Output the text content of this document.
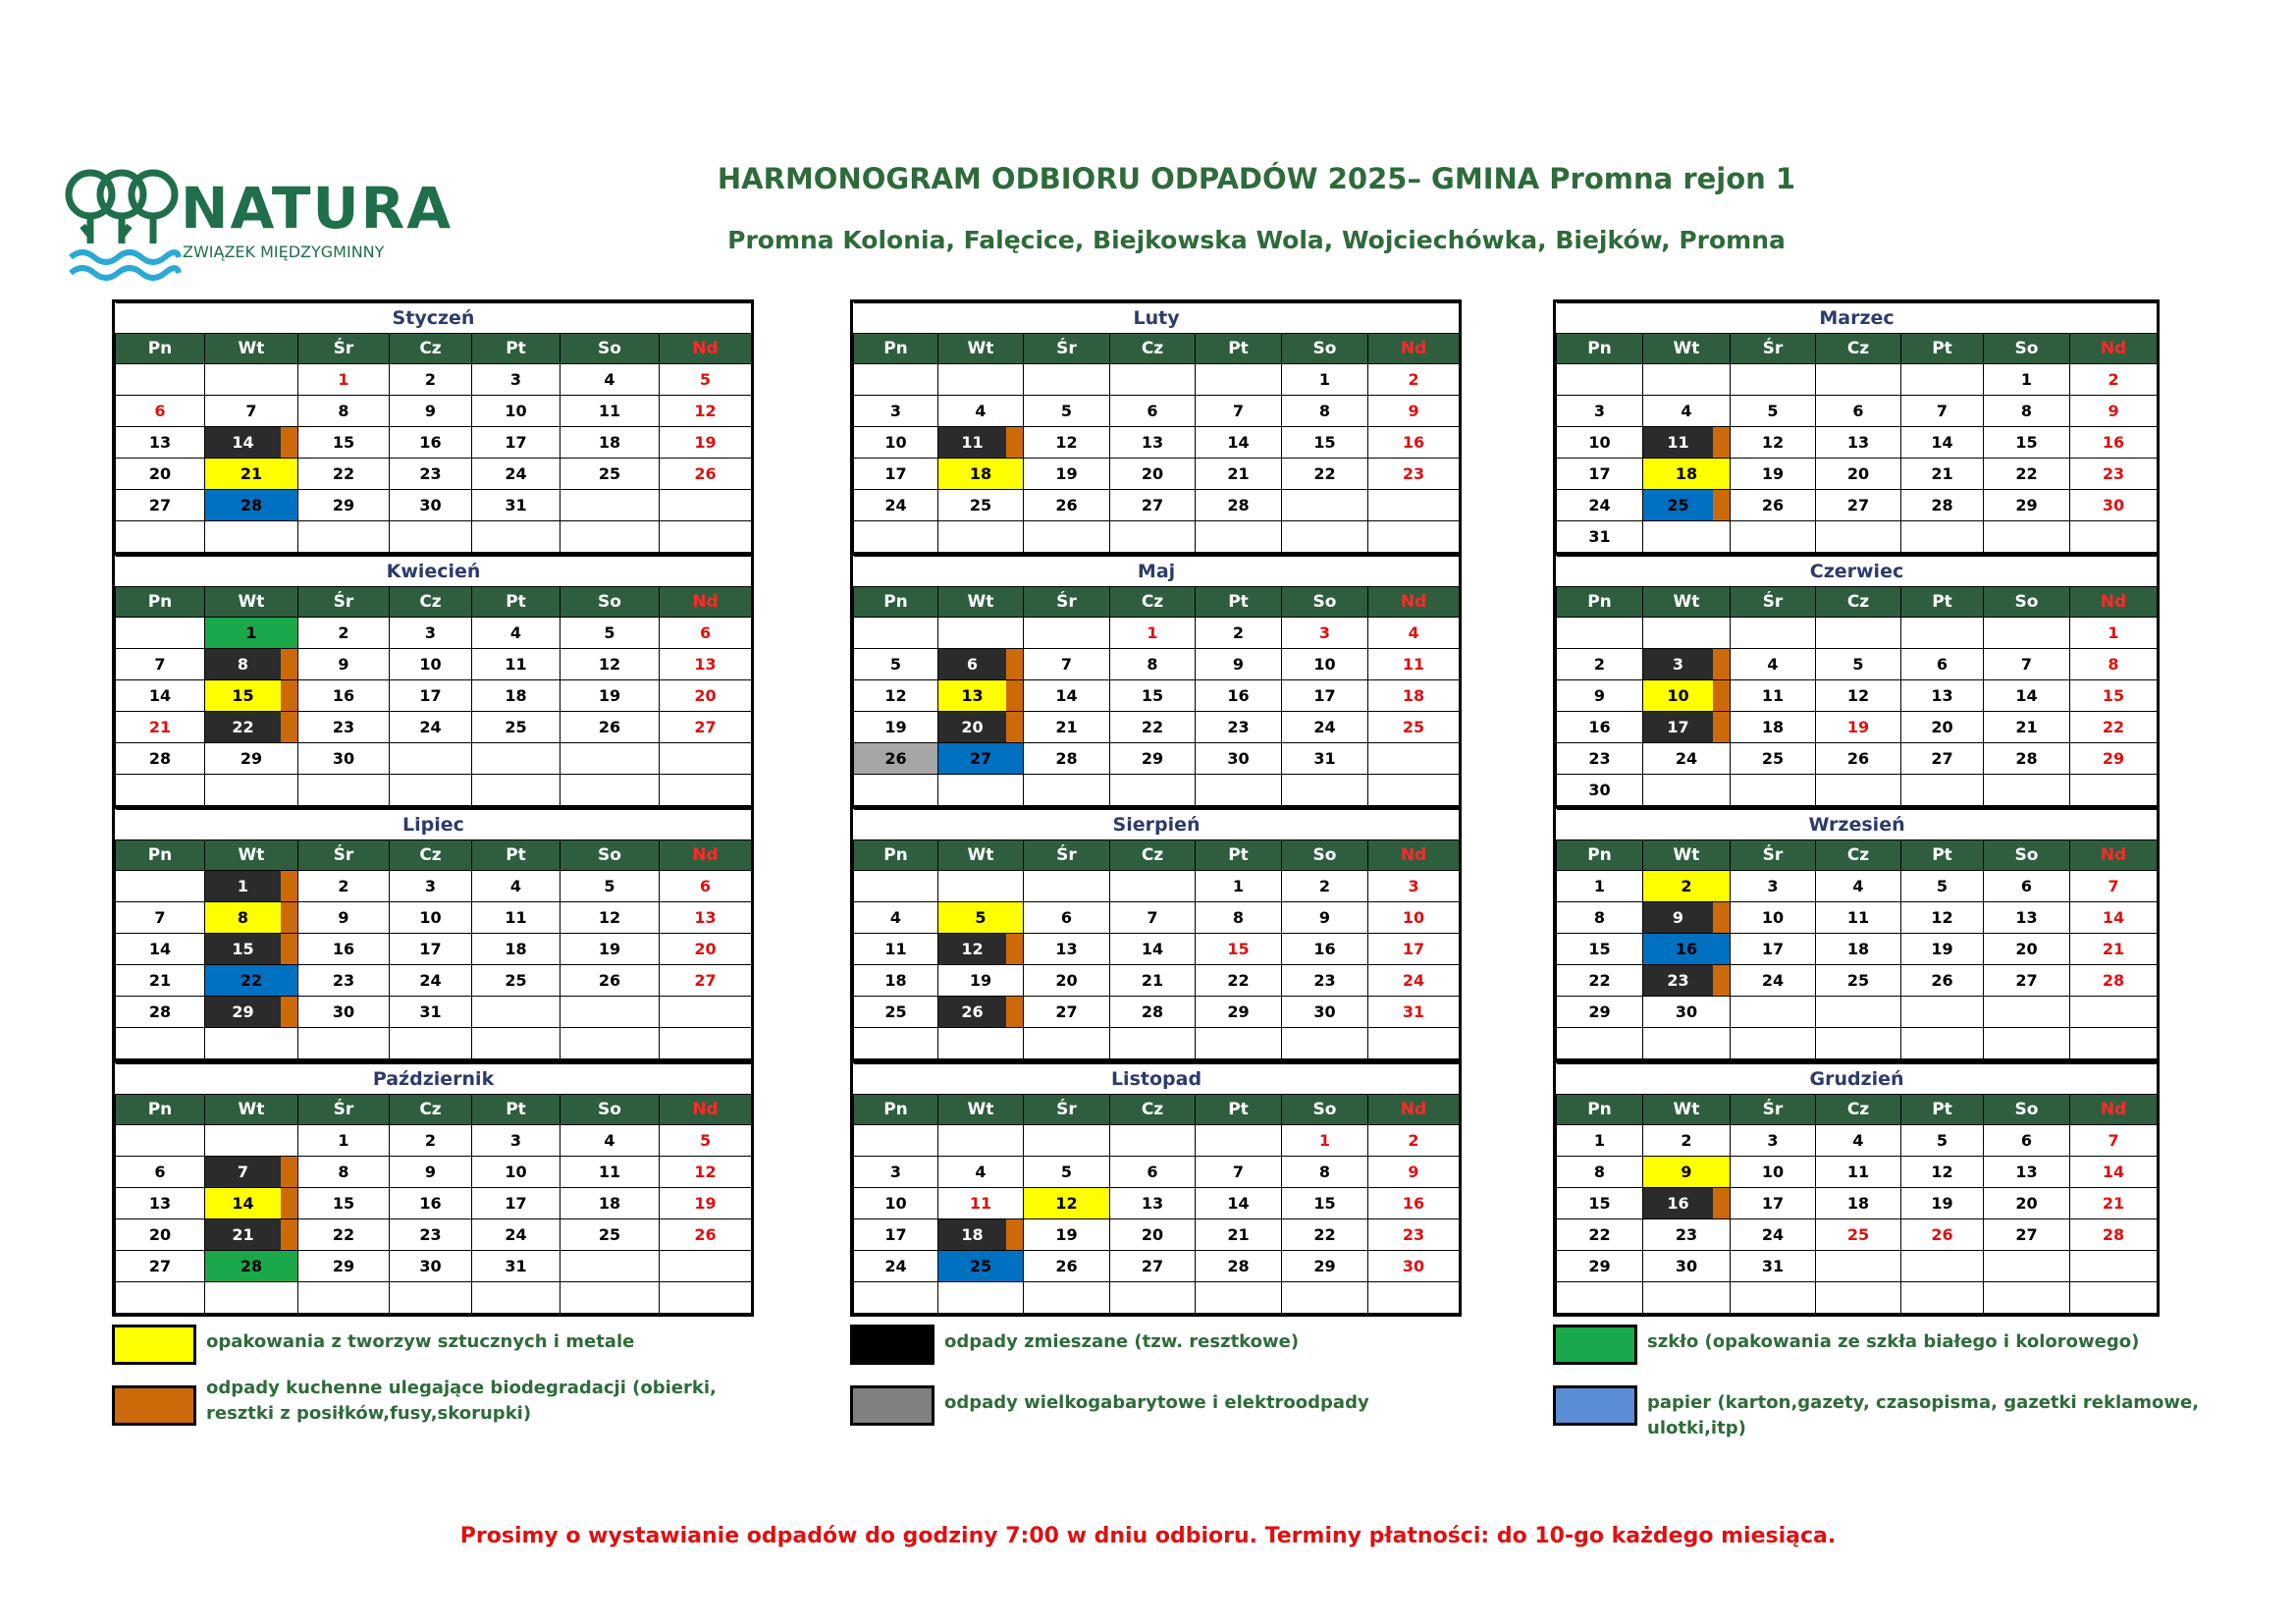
NATURA
ZWIĄZEK MIĘDZYGMINNY
HARMONOGRAM ODBIORU ODPADÓW 2025– GMINA Promna rejon 1
Promna Kolonia, Falęcice, Biejkowska Wola, Wojciechówka, Biejków, Promna
Styczeń						
Pn	Wt	Śr	Cz	Pt	So	Nd
		1	2	3	4	5
6	7	8	9	10	11	12
13	14	15	16	17	18	19
20	21	22	23	24	25	26
27	28	29	30	31		

Luty						
Pn	Wt	Śr	Cz	Pt	So	Nd
					1	2
3	4	5	6	7	8	9
10	11	12	13	14	15	16
17	18	19	20	21	22	23
24	25	26	27	28		

Marzec						
Pn	Wt	Śr	Cz	Pt	So	Nd
					1	2
3	4	5	6	7	8	9
10	11	12	13	14	15	16
17	18	19	20	21	22	23
24	25	26	27	28	29	30
31						
Kwiecień						
Pn	Wt	Śr	Cz	Pt	So	Nd
	1	2	3	4	5	6
7	8	9	10	11	12	13
14	15	16	17	18	19	20
21	22	23	24	25	26	27
28	29	30				

Maj						
Pn	Wt	Śr	Cz	Pt	So	Nd
			1	2	3	4
5	6	7	8	9	10	11
12	13	14	15	16	17	18
19	20	21	22	23	24	25
26	27	28	29	30	31	

Czerwiec						
Pn	Wt	Śr	Cz	Pt	So	Nd
						1
2	3	4	5	6	7	8
9	10	11	12	13	14	15
16	17	18	19	20	21	22
23	24	25	26	27	28	29
30						
Lipiec						
Pn	Wt	Śr	Cz	Pt	So	Nd
	1	2	3	4	5	6
7	8	9	10	11	12	13
14	15	16	17	18	19	20
21	22	23	24	25	26	27
28	29	30	31			

Sierpień						
Pn	Wt	Śr	Cz	Pt	So	Nd
				1	2	3
4	5	6	7	8	9	10
11	12	13	14	15	16	17
18	19	20	21	22	23	24
25	26	27	28	29	30	31

Wrzesień						
Pn	Wt	Śr	Cz	Pt	So	Nd
1	2	3	4	5	6	7
8	9	10	11	12	13	14
15	16	17	18	19	20	21
22	23	24	25	26	27	28
29	30					

Październik						
Pn	Wt	Śr	Cz	Pt	So	Nd
		1	2	3	4	5
6	7	8	9	10	11	12
13	14	15	16	17	18	19
20	21	22	23	24	25	26
27	28	29	30	31		

Listopad						
Pn	Wt	Śr	Cz	Pt	So	Nd
					1	2
3	4	5	6	7	8	9
10	11	12	13	14	15	16
17	18	19	20	21	22	23
24	25	26	27	28	29	30

Grudzień						
Pn	Wt	Śr	Cz	Pt	So	Nd
1	2	3	4	5	6	7
8	9	10	11	12	13	14
15	16	17	18	19	20	21
22	23	24	25	26	27	28
29	30	31				

opakowania z tworzyw sztucznych i metale	odpady zmieszane (tzw. resztkowe)	szkło (opakowania ze szkła białego i kolorowego)
odpady kuchenne ulegające biodegradacji (obierki, resztki z posiłków,fusy,skorupki)
odpady wielkogabarytowe i elektroodpady	papier (karton,gazety, czasopisma, gazetki reklamowe, ulotki,itp)
Prosimy o wystawianie odpadów do godziny 7:00 w dniu odbioru. Terminy płatności: do 10-go każdego miesiąca.
